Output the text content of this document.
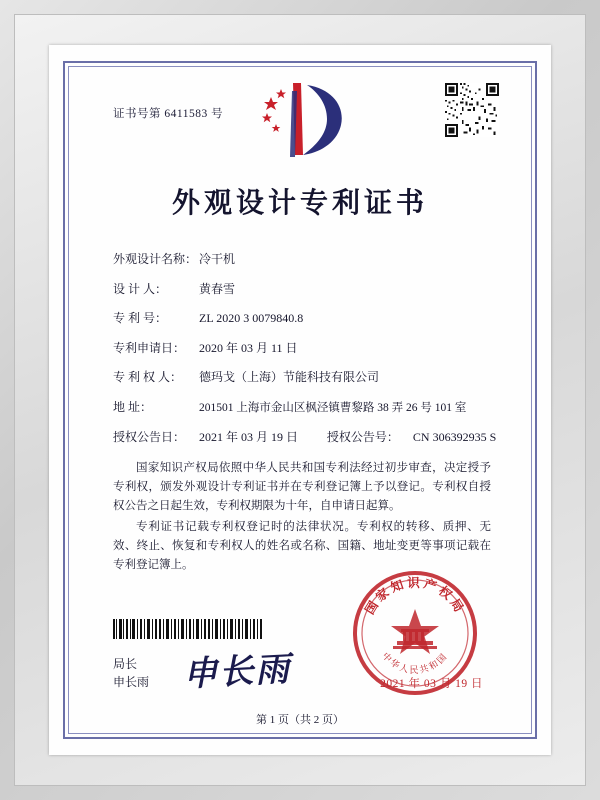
证书号第 6411583 号
外观设计专利证书
外观设计名称： 冷干机
设 计 人：	黄春雪
专 利 号：	ZL 2020 3 0079840.8
专利申请日：	2020 年 03 月 11 日
专 利 权 人：	德玛戈（上海）节能科技有限公司
地 址：	201501 上海市金山区枫泾镇曹黎路 38 弄 26 号 101 室
授权公告日：	2021 年 03 月 19 日	授权公告号：	CN 306392935 S

国家知识产权局依照中华人民共和国专利法经过初步审查，决定授予专利权，颁发外观设计专利证书并在专利登记簿上予以登记。专利权自授权公告之日起生效，专利权期限为十年，自申请日起算。

专利证书记载专利权登记时的法律状况。专利权的转移、质押、无效、终止、恢复和专利权人的姓名或名称、国籍、地址变更等事项记载在专利登记簿上。

局长
申长雨 申长雨
国家知识产权局
中华人民共和国
2021 年 03 月 19 日
第 1 页（共 2 页）
